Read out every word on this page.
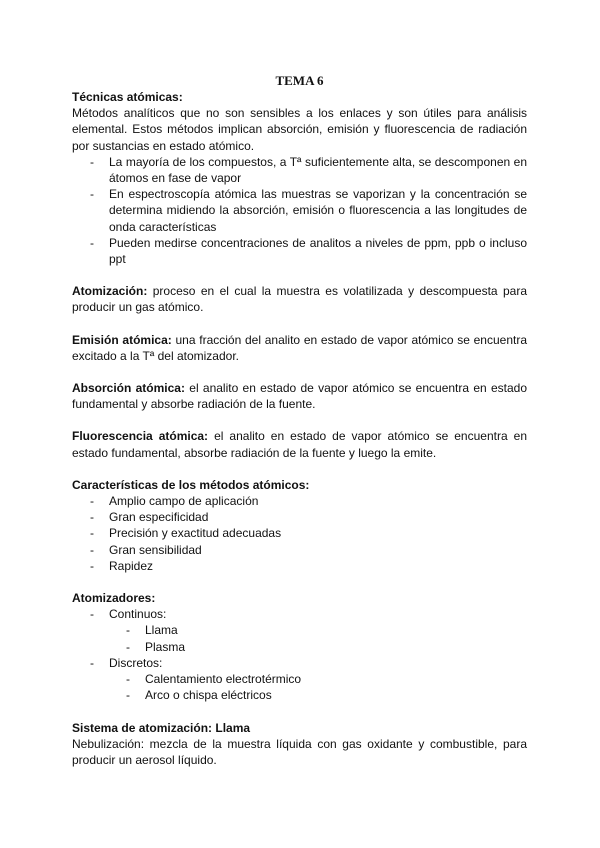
TEMA 6
Técnicas atómicas:

Métodos analíticos que no son sensibles a los enlaces y son útiles para análisis elemental. Estos métodos implican absorción, emisión y fluorescencia de radiación por sustancias en estado atómico.

- La mayoría de los compuestos, a Tª suficientemente alta, se descomponen en átomos en fase de vapor
- En espectroscopía atómica las muestras se vaporizan y la concentración se determina midiendo la absorción, emisión o fluorescencia a las longitudes de onda características
- Pueden medirse concentraciones de analitos a niveles de ppm, ppb o incluso ppt

Atomización: proceso en el cual la muestra es volatilizada y descompuesta para producir un gas atómico.

Emisión atómica: una fracción del analito en estado de vapor atómico se encuentra excitado a la Tª del atomizador.

Absorción atómica: el analito en estado de vapor atómico se encuentra en estado fundamental y absorbe radiación de la fuente.

Fluorescencia atómica: el analito en estado de vapor atómico se encuentra en estado fundamental, absorbe radiación de la fuente y luego la emite.

Características de los métodos atómicos:
- Amplio campo de aplicación
- Gran especificidad
- Precisión y exactitud adecuadas
- Gran sensibilidad
- Rapidez
Atomizadores:
- Continuos:
- Llama
- Plasma
- Discretos:
- Calentamiento electrotérmico
- Arco o chispa eléctricos
Sistema de atomización: Llama

Nebulización: mezcla de la muestra líquida con gas oxidante y combustible, para producir un aerosol líquido.
